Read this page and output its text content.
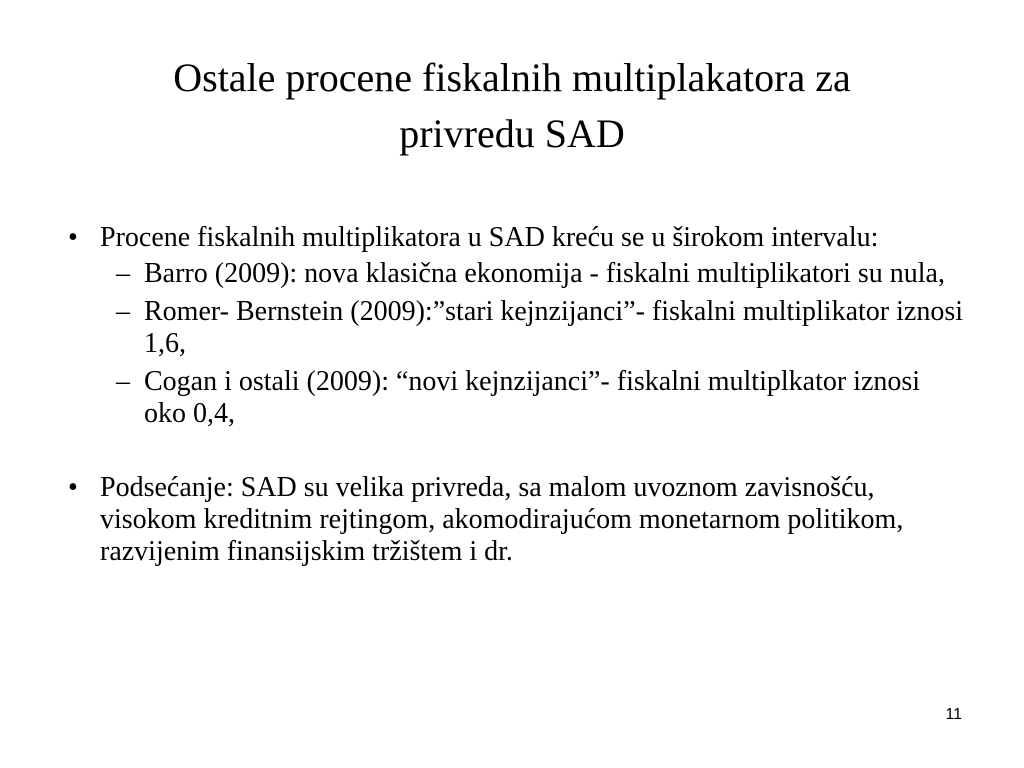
Ostale procene fiskalnih multiplakatora za
privredu SAD
• Procene fiskalnih multiplikatora u SAD kreću se u širokom intervalu:
– Barro (2009): nova klasična ekonomija - fiskalni multiplikatori su nula,
– Romer- Bernstein (2009):”stari kejnzijanci”- fiskalni multiplikator iznosi 1,6,
– Cogan i ostali (2009): “novi kejnzijanci”- fiskalni multiplkator iznosi oko 0,4,
• Podsećanje: SAD su velika privreda, sa malom uvoznom zavisnošću, visokom kreditnim rejtingom, akomodirajućom monetarnom politikom, razvijenim finansijskim tržištem i dr.
11
